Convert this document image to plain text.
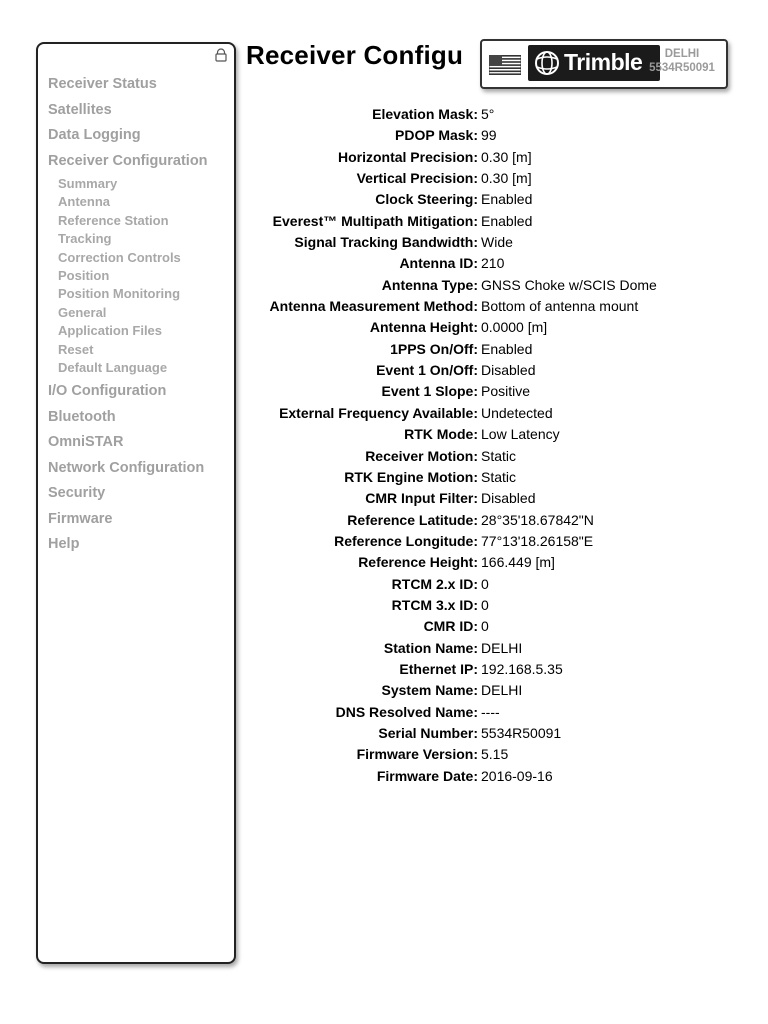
Receiver Status
Satellites
Data Logging
Receiver Configuration
Summary
Antenna
Reference Station
Tracking
Correction Controls
Position
Position Monitoring
General
Application Files
Reset
Default Language
I/O Configuration
Bluetooth
OmniSTAR
Network Configuration
Security
Firmware
Help
Receiver Configu	Trimble	DELHI
5534R50091
Elevation Mask: 5°
PDOP Mask: 99
Horizontal Precision: 0.30 [m]
Vertical Precision: 0.30 [m]
Clock Steering: Enabled
Everest™ Multipath Mitigation: Enabled
Signal Tracking Bandwidth: Wide
Antenna ID: 210
Antenna Type: GNSS Choke w/SCIS Dome
Antenna Measurement Method: Bottom of antenna mount
Antenna Height: 0.0000 [m]
1PPS On/Off: Enabled
Event 1 On/Off: Disabled
Event 1 Slope: Positive
External Frequency Available: Undetected
RTK Mode: Low Latency
Receiver Motion: Static
RTK Engine Motion: Static
CMR Input Filter: Disabled
Reference Latitude: 28°35'18.67842"N
Reference Longitude: 77°13'18.26158"E
Reference Height: 166.449 [m]
RTCM 2.x ID: 0
RTCM 3.x ID: 0
CMR ID: 0
Station Name: DELHI
Ethernet IP: 192.168.5.35
System Name: DELHI
DNS Resolved Name: ----
Serial Number: 5534R50091
Firmware Version: 5.15
Firmware Date: 2016-09-16
